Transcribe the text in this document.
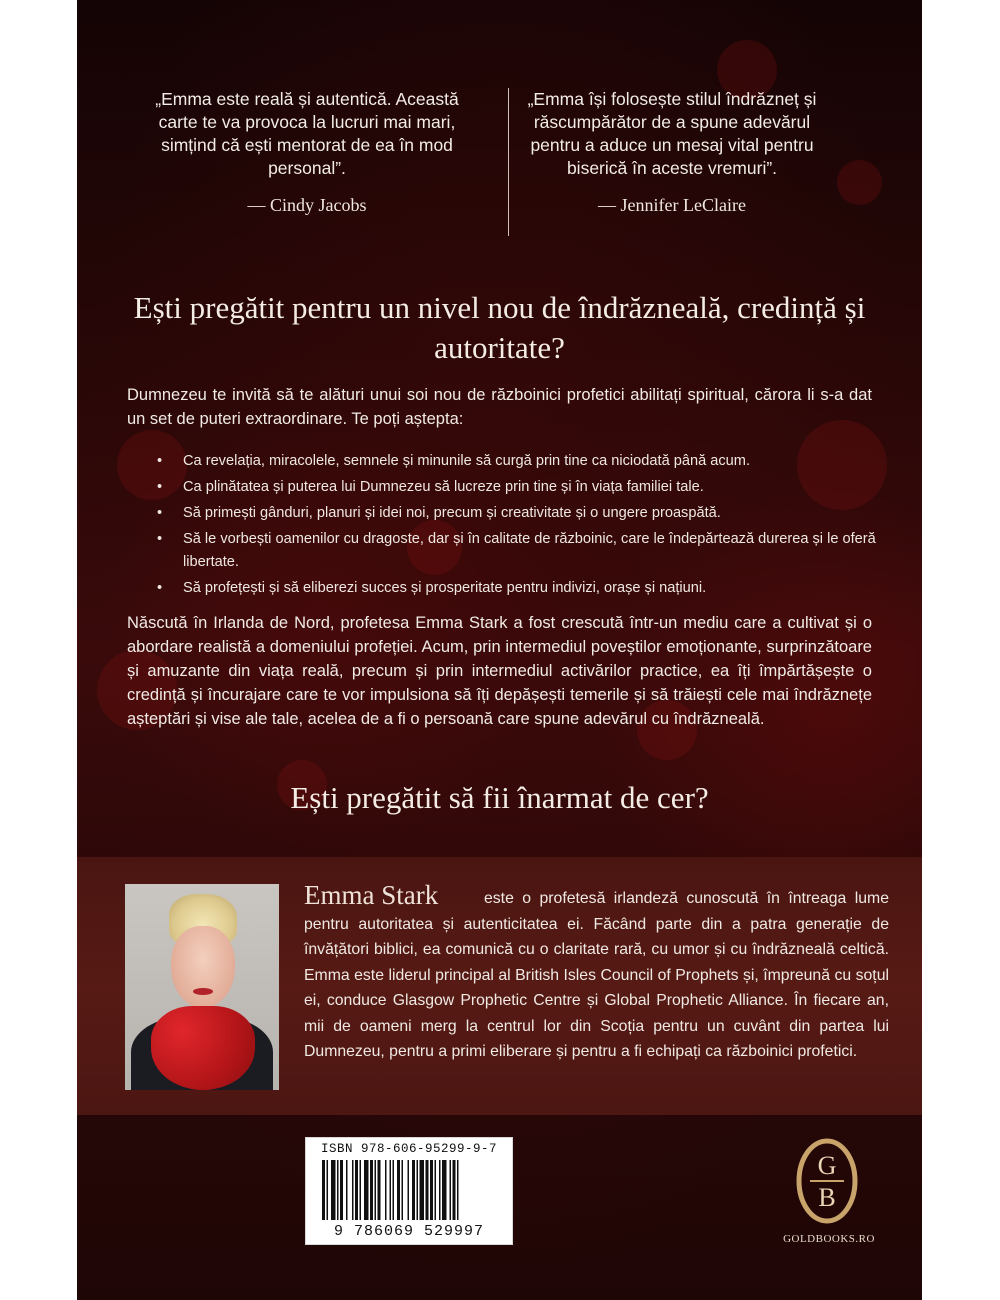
„Emma este reală și autentică. Această carte te va provoca la lucruri mai mari, simțind că ești mentorat de ea în mod personal”.
— Cindy Jacobs
„Emma își folosește stilul îndrăzneț și răscumpărător de a spune adevărul pentru a aduce un mesaj vital pentru biserică în aceste vremuri”.
— Jennifer LeClaire
Ești pregătit pentru un nivel nou de îndrăzneală, credință și autoritate?
Dumnezeu te invită să te alături unui soi nou de războinici profetici abilitați spiritual, cărora li s-a dat un set de puteri extraordinare. Te poți aștepta:
• Ca revelația, miracolele, semnele și minunile să curgă prin tine ca niciodată până acum.
• Ca plinătatea și puterea lui Dumnezeu să lucreze prin tine și în viața familiei tale.
• Să primești gânduri, planuri și idei noi, precum și creativitate și o ungere proaspătă.
• Să le vorbești oamenilor cu dragoste, dar și în calitate de războinic, care le îndepărtează durerea și le oferă libertate.
• Să profețești și să eliberezi succes și prosperitate pentru indivizi, orașe și națiuni.
Născută în Irlanda de Nord, profetesa Emma Stark a fost crescută într-un mediu care a cultivat și o abordare realistă a domeniului profeției. Acum, prin intermediul poveștilor emoționante, surprinzătoare și amuzante din viața reală, precum și prin intermediul activărilor practice, ea îți împărtășește o credință și încurajare care te vor impulsiona să îți depășești temerile și să trăiești cele mai îndrăznețe așteptări și vise ale tale, acelea de a fi o persoană care spune adevărul cu îndrăzneală.
Ești pregătit să fii înarmat de cer?
Emma Stark	este o profetesă irlandeză cunoscută în întreaga lume pentru autoritatea și autenticitatea ei. Făcând parte din a patra generație de învățători biblici, ea comunică cu o claritate rară, cu umor și cu îndrăzneală celtică. Emma este liderul principal al British Isles Council of Prophets și, împreună cu soțul ei, conduce Glasgow Prophetic Centre și Global Prophetic Alliance. În fiecare an, mii de oameni merg la centrul lor din Scoția pentru un cuvânt din partea lui Dumnezeu, pentru a primi eliberare și pentru a fi echipați ca războinici profetici.
ISBN 978-606-95299-9-7
9 786069 529997
G
B
GOLDBOOKS.RO
